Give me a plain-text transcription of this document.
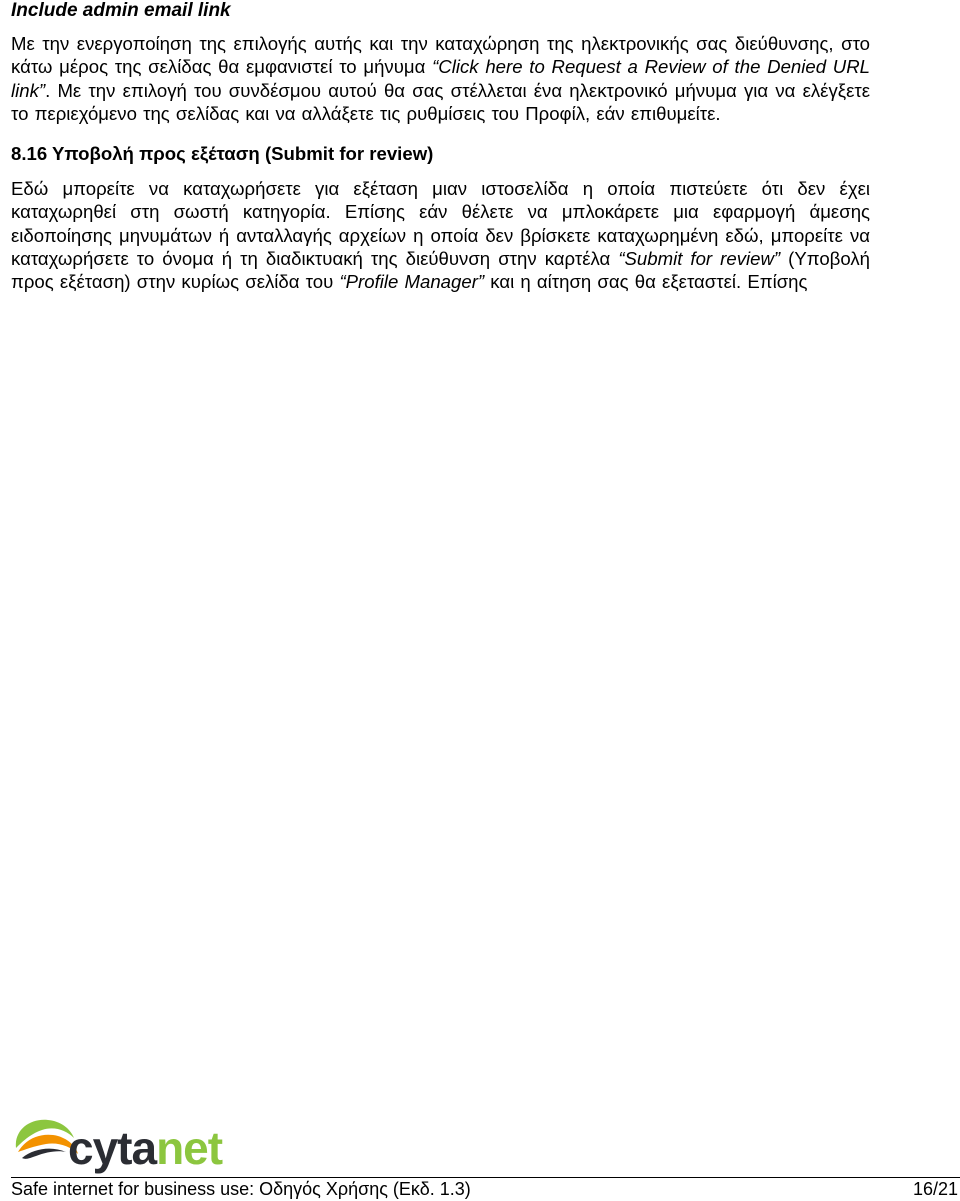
Include admin email link

Με την ενεργοποίηση της επιλογής αυτής και την καταχώρηση της ηλεκτρονικής σας διεύθυνσης, στο κάτω μέρος της σελίδας θα εμφανιστεί το μήνυμα “Click here to Request a Review of the Denied URL link”. Με την επιλογή του συνδέσμου αυτού θα σας στέλλεται ένα ηλεκτρονικό μήνυμα για να ελέγξετε το περιεχόμενο της σελίδας και να αλλάξετε τις ρυθμίσεις του Προφίλ, εάν επιθυμείτε.

8.16 Υποβολή προς εξέταση (Submit for review)

Εδώ μπορείτε να καταχωρήσετε για εξέταση μιαν ιστοσελίδα η οποία πιστεύετε ότι δεν έχει καταχωρηθεί στη σωστή κατηγορία. Επίσης εάν θέλετε να μπλοκάρετε μια εφαρμογή άμεσης ειδοποίησης μηνυμάτων ή ανταλλαγής αρχείων η οποία δεν βρίσκετε καταχωρημένη εδώ, μπορείτε να καταχωρήσετε το όνομα ή τη διαδικτυακή της διεύθυνση στην καρτέλα “Submit for review” (Υποβολή προς εξέταση) στην κυρίως σελίδα του “Profile Manager” και η αίτηση σας θα εξεταστεί. Επίσης

cytanet
Safe internet for business use: Οδηγός Χρήσης (Εκδ. 1.3)	16/21
